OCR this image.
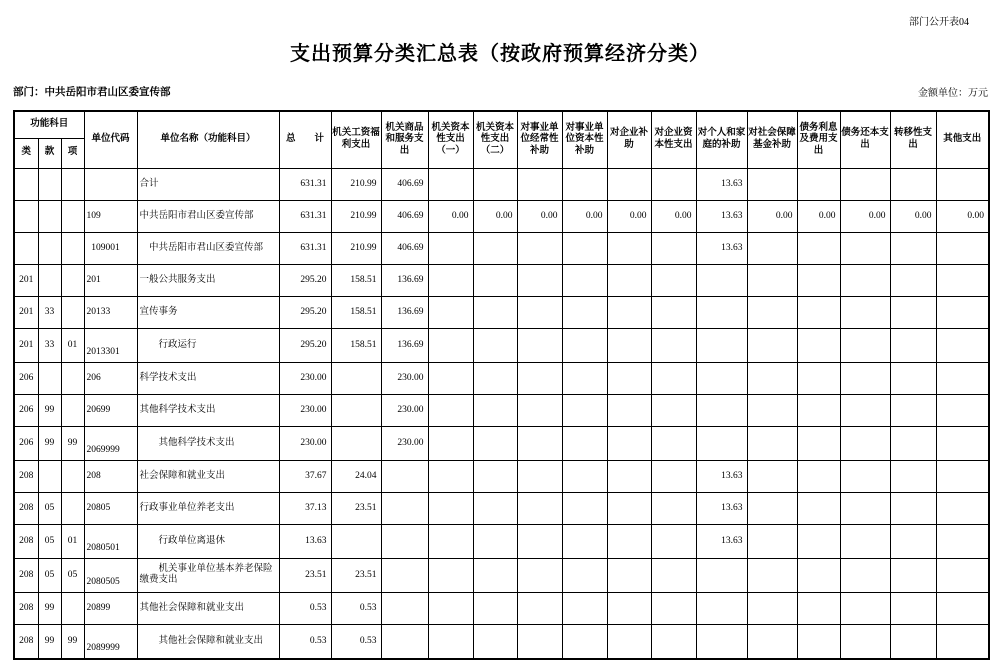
部门公开表04
支出预算分类汇总表（按政府预算经济分类）
部门：中共岳阳市君山区委宣传部	金额单位：万元
功能科目			单位代码	单位名称（功能科目）	总　　计	机关工资福利支出	机关商品和服务支出	机关资本性支出（一）	机关资本性支出（二）	对事业单位经常性补助	对事业单位资本性补助	对企业补助	对企业资本性支出	对个人和家庭的补助	对社会保障基金补助	债务利息及费用支出	债务还本支出	转移性支出	其他支出
类	款	项																	
				合计	631.31	210.99	406.69							13.63					
			109	中共岳阳市君山区委宣传部	631.31	210.99	406.69	0.00	0.00	0.00	0.00	0.00	0.00	13.63	0.00	0.00	0.00	0.00	0.00
			109001	　中共岳阳市君山区委宣传部	631.31	210.99	406.69							13.63					
201			201	一般公共服务支出	295.20	158.51	136.69												
201	33		20133	宣传事务	295.20	158.51	136.69												
201	33	01	2013301	　　行政运行	295.20	158.51	136.69												
206			206	科学技术支出	230.00		230.00												
206	99		20699	其他科学技术支出	230.00		230.00												
206	99	99	2069999	　　其他科学技术支出	230.00		230.00												
208			208	社会保障和就业支出	37.67	24.04								13.63					
208	05		20805	行政事业单位养老支出	37.13	23.51								13.63					
208	05	01	2080501	　　行政单位离退休	13.63									13.63					
208	05	05	2080505	　　机关事业单位基本养老保险缴费支出	23.51	23.51													
208	99		20899	其他社会保障和就业支出	0.53	0.53													
208	99	99	2089999	　　其他社会保障和就业支出	0.53	0.53													
